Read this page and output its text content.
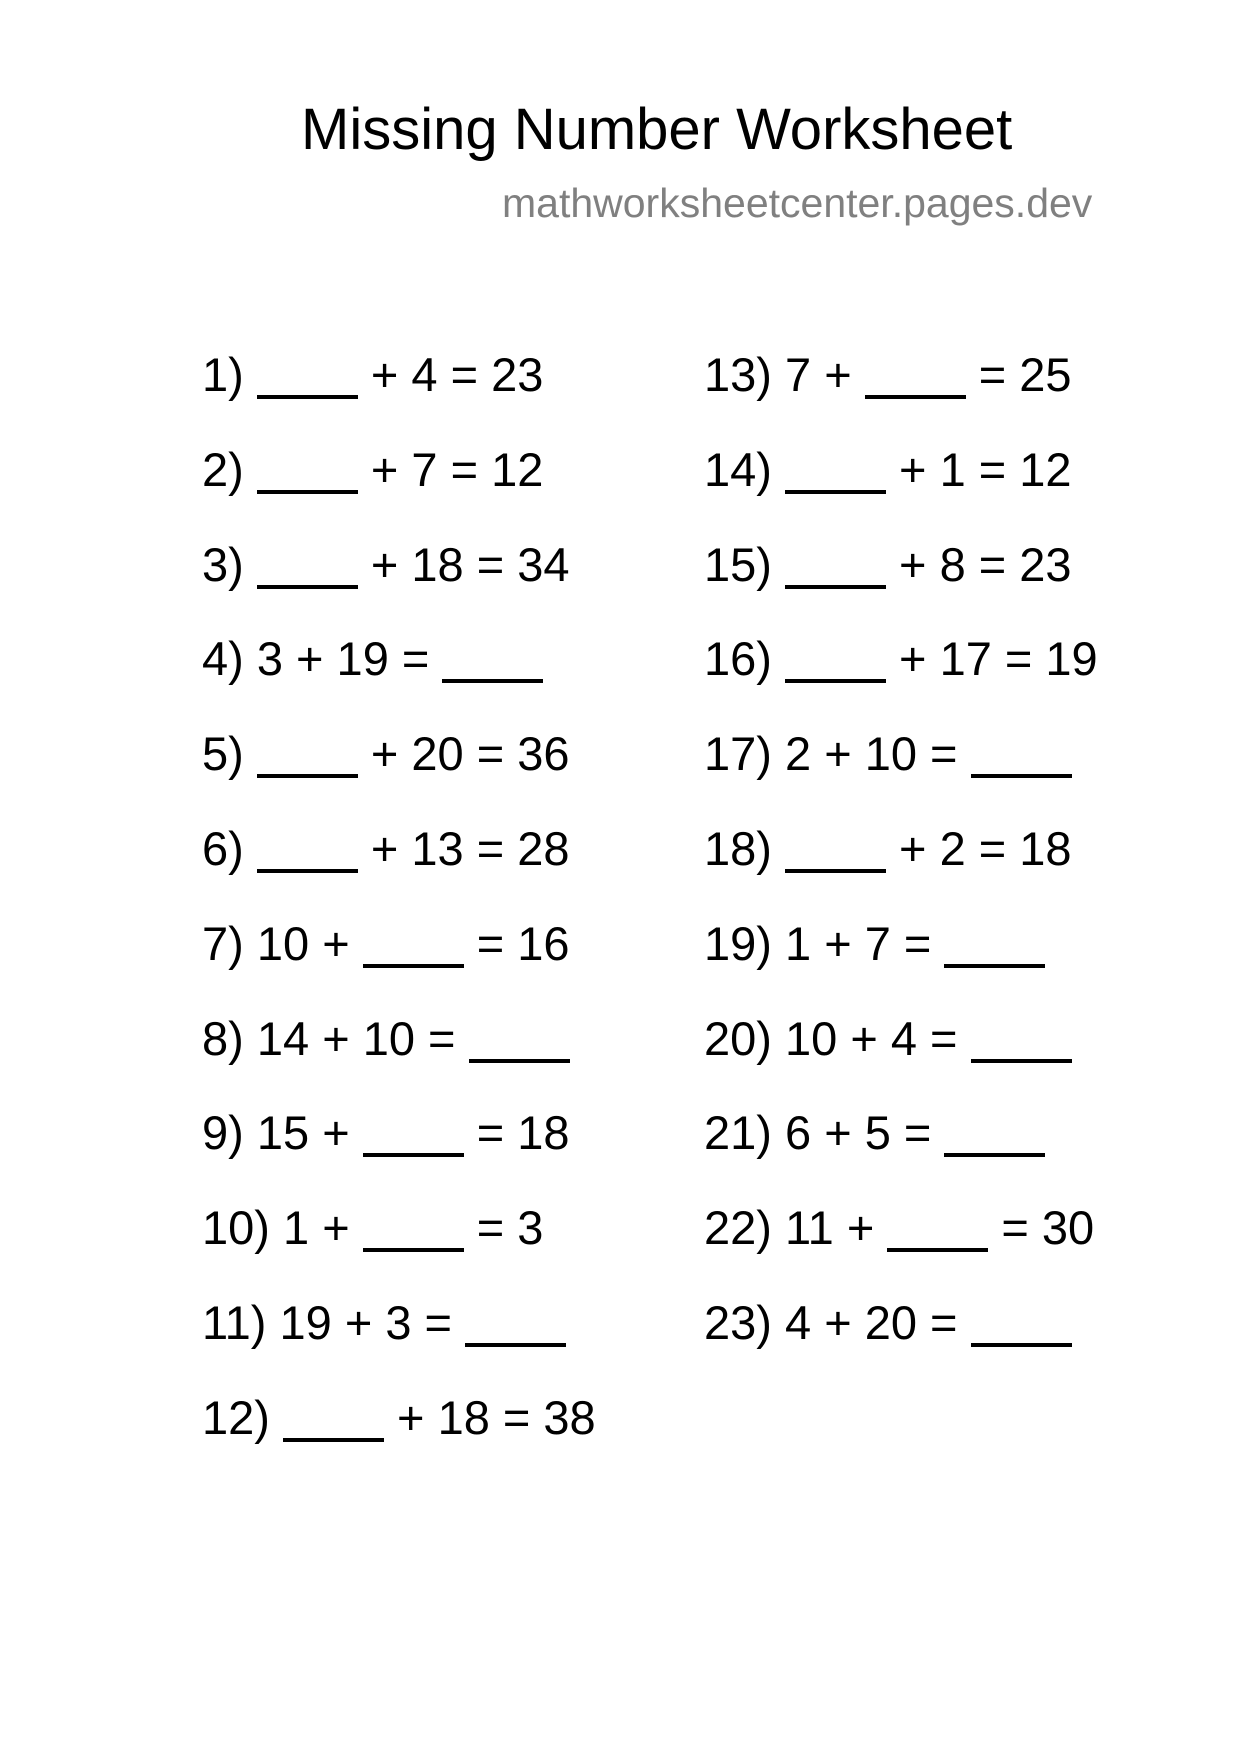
Missing Number Worksheet
mathworksheetcenter.pages.dev
1)  + 4 = 23
2)  + 7 = 12
3)  + 18 = 34
4) 3 + 19 =
5)  + 20 = 36
6)  + 13 = 28
7) 10 +  = 16
8) 14 + 10 =
9) 15 +  = 18
10) 1 +  = 3
11) 19 + 3 =
12)  + 18 = 38
13) 7 +  = 25
14)  + 1 = 12
15)  + 8 = 23
16)  + 17 = 19
17) 2 + 10 =
18)  + 2 = 18
19) 1 + 7 =
20) 10 + 4 =
21) 6 + 5 =
22) 11 +  = 30
23) 4 + 20 =
